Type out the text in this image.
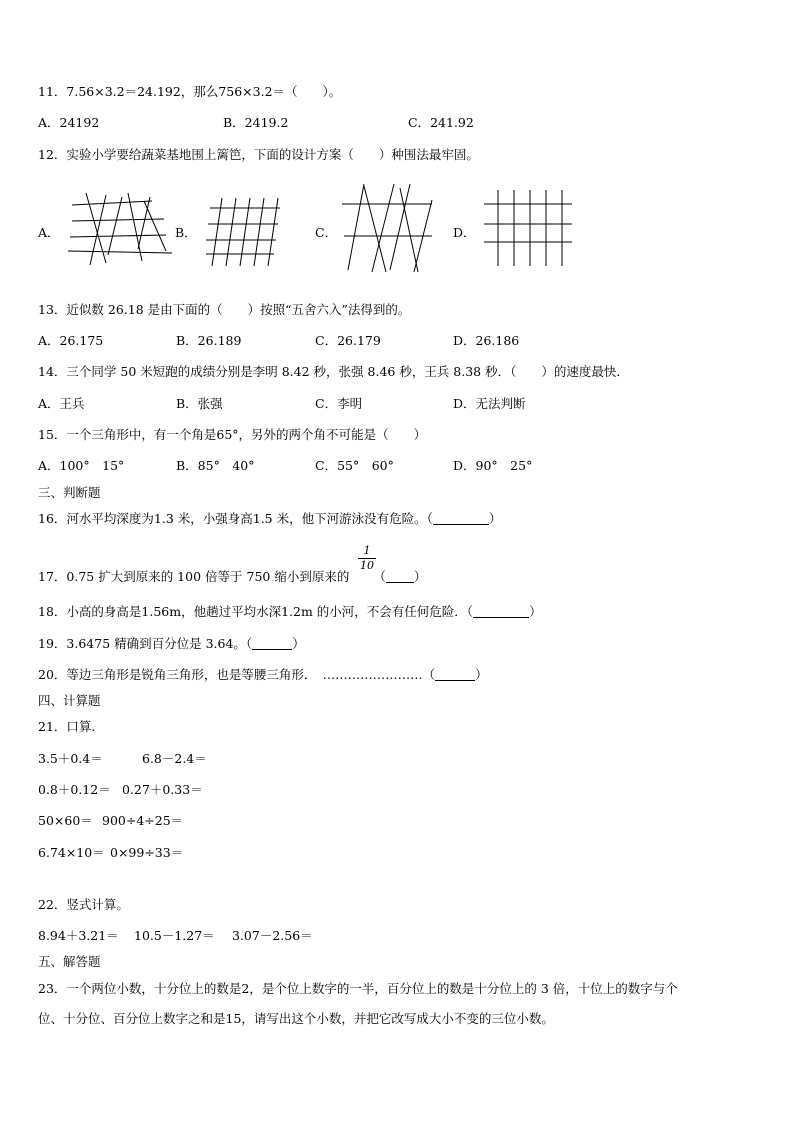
11．7.56×3.2＝24.192，那么756×3.2＝（　　）。
A．24192	B．2419.2	C．241.92
12．实验小学要给蔬菜基地围上篱笆，下面的设计方案（　　）种围法最牢固。
A．	B．	C．	D．
13．近似数 26.18 是由下面的（　　）按照“五舍六入”法得到的。
A．26.175	B．26.189	C．26.179	D．26.186
14．三个同学 50 米短跑的成绩分别是李明 8.42 秒，张强 8.46 秒，王兵 8.38 秒．（　　）的速度最快．
A．王兵	B．张强	C．李明	D．无法判断
15．一个三角形中，有一个角是65°，另外的两个角不可能是（　　）
A．100°　15°	B．85°　40°	C．55°　60°	D．90°　25°
三、判断题
16．河水平均深度为1.3 米，小强身高1.5 米，他下河游泳没有危险。（	）
1
10
17．0.75 扩大到原来的 100 倍等于 750 缩小到原来的 （ ）
18．小高的身高是1.56m，他趟过平均水深1.2m 的小河，不会有任何危险．（	）
19．3.6475 精确到百分位是 3.64。（	）
20．等边三角形是锐角三角形，也是等腰三角形．　……………………（	）
四、计算题
21．口算.
3.5＋0.4＝	6.8－2.4＝
0.8＋0.12＝ 0.27＋0.33＝
50×60＝ 900÷4÷25＝
6.74×10＝ 0×99÷33＝
22．竖式计算。
8.94＋3.21＝ 10.5－1.27＝ 3.07－2.56＝
五、解答题
23．一个两位小数，十分位上的数是2，是个位上数字的一半，百分位上的数是十分位上的 3 倍，十位上的数字与个
位、十分位、百分位上数字之和是15，请写出这个小数，并把它改写成大小不变的三位小数。
